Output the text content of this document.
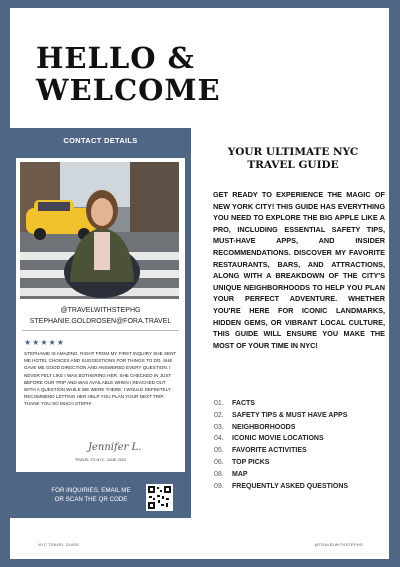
HELLO &
WELCOME
CONTACT DETAILS
@TRAVELWITHSTEPHG
STEPHANIE.GOLDROSEN@FORA.TRAVEL
★★★★★
STEPHANIE IS AMAZING. RIGHT FROM MY FIRST INQUIRY SHE SENT ME HOTEL CHOICES AND SUGGESTIONS FOR THINGS TO DO. SHE GAVE ME GOOD DIRECTION AND ANSWERED EVERY QUESTION. I NEVER FELT LIKE I WAS BOTHERING HER. SHE CHECKED IN JUST BEFORE OUR TRIP AND WAS AVAILABLE WHEN I REACHED OUT WITH A QUESTION WHILE WE WERE THERE. I WOULD DEFINITELY RECOMMEND LETTING HER HELP YOU PLAN YOUR NEXT TRIP. THANK YOU SO MUCH STEPH!
Jennifer L.
TRAVEL TO NYC, JUNE 2024
FOR INQUIRIES, EMAIL ME OR SCAN THE QR CODE
YOUR ULTIMATE NYC TRAVEL GUIDE
GET READY TO EXPERIENCE THE MAGIC OF NEW YORK CITY! THIS GUIDE HAS EVERYTHING YOU NEED TO EXPLORE THE BIG APPLE LIKE A PRO, INCLUDING ESSENTIAL SAFETY TIPS, MUST-HAVE APPS, AND INSIDER RECOMMENDATIONS. DISCOVER MY FAVORITE RESTAURANTS, BARS, AND ATTRACTIONS, ALONG WITH A BREAKDOWN OF THE CITY'S UNIQUE NEIGHBORHOODS TO HELP YOU PLAN YOUR PERFECT ADVENTURE. WHETHER YOU'RE HERE FOR ICONIC LANDMARKS, HIDDEN GEMS, OR VIBRANT LOCAL CULTURE, THIS GUIDE WILL ENSURE YOU MAKE THE MOST OF YOUR TIME IN NYC!
01. FACTS
02. SAFETY TIPS & MUST HAVE APPS
03. NEIGHBORHOODS
04. ICONIC MOVIE LOCATIONS
05. FAVORITE ACTIVITIES
06. TOP PICKS
08. MAP
09. FREQUENTLY ASKED QUESTIONS
NYC TRAVEL GUIDE	@TRAVELWITHSTEPHG
